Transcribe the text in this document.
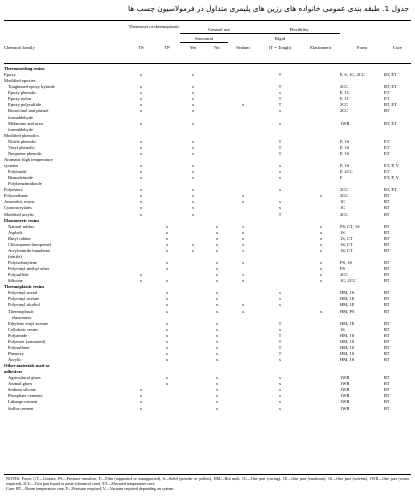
جدول 1. طبقه بندی عمومی خانواده های رزین های پلیمری متداول در فرمولاسیون چسب ها
	Thermoset or thermoplastic		General use			Flexibility			
			Structural			Rigid			
Chemical family	TS	TP	Yes	No	Sealant	(T = Tough)	Elastomeric	Form	Cure
Thermosetting resins									
Epoxy	x		x			T		F, S, 1C, 2CC	RT, ET
Modified epoxies									
Toughened epoxy hybride	x		x			T		2CC	RT, ET
Epoxy phenolic	x		x			x		F, 1C	ET
Epoxy nylon	x		x			T		F, 1C	ET
Epoxy polysulfide	x		x		x	T		2CC	RT, ET
Resorcinol and phenol	x		x			x		2CC	RT
formaldehyde									
Melamine and urea	x		x			x		1WR	RT, ET
formaldehyde									
Modified phenolics									
Nitrile phenolic	x		x			T		F, 1S	ET
Vinyl phenolic	x		x			T		F, 1S	ET
Neoprene phenolic	x		x			T		F, 1S	ET
Aromatic high temperature									
systems	x		x			x		F, 1S	ET, P, V
Polyimide	x		x			x		F, 2CC	ET
Bismaleimide	x		x			x		F	ET, P, V
Polybenzimidizole									
Polyesters	x		x			x		2CC	RT, ET
Polyurethane	x		x		x		x	2CC	RT
Anaerobic resins	x		x		x	x		1C	RT
Cyanoacrylates	x		x			x		1C	RT
Modified acrylic	x		x			T		2CC	RT
Elastomeric resins									
Natural rubber		x		x	x		x	PS, CT, 1S	RT
Asphalt		x		x	x		x	1S	RT
Butyl rubber		x		x	x		x	1S, CT	RT
Chloroprene (neoprene)		x	x	x	x		x	1S, CT	RT
Acrylonitrile butadiene		x	x	x	x		x	1S, CT	RT
(nitrile)									
Polyisobutylene		x		x	x		x	PS, 1S	RT
Polyvinyl methyl ether		x		x			x	PS	RT
Polysulfide	x			x	x		x	2CC	RT
Silicone	x	x		x	x		x	1C, 2CC	RT
Thermoplastic resins									
Polyvinyl acetal		x		x		x		HM, 1S	RT
Polyvinyl acetate		x		x		x		HM, 1E	RT
Polyvinyl alcohol		x		x	x	x		HM, 1E	RT
Thermoplastic		x		x	x		x	HM, PS	RT
elastomers									
Ethylene vinyl acetate		x		x		T		HM, 1E	RT
Cellulosic resins		x		x		x		1S	RT
Polyamide		x		x		T		HM, 1S	RT
Polyester (saturated)		x		x		T		HM, 1S	RT
Polysulfone		x		x		T		HM, 1S	RT
Phenoxy		x		x		T		HM, 1S	RT
Acrylic		x		x		x		HM, 1S	RT
Other materials used as									
adhesives									
Agricultural glues		x		x		x		1WR	RT
Animal glues		x		x		x		1WR	RT
Sodium silicate	x			x		x		1WR	RT
Phosphate cements	x			x		x		1WR	RT
Litharge cement	x			x		x		1WR	RT
Sulfur cement	x			x		x		1WR	RT
NOTES: Form: CT—Contact, PS—Pressure sensitive, F—Film (supported or unsupported), S—Solid (powder or pellets), HM—Hot melt, 1C—One part (curing), 1E—One part (emulsion), 1S—One part (solvent), 1WR—One part (water required), 2CC—Two part liquid or paste (chemical cure), ET—Elevated temperature cure.
Cure: RT—Room temperature cure, P—Pressure required, V—Vacuum required depending on system
